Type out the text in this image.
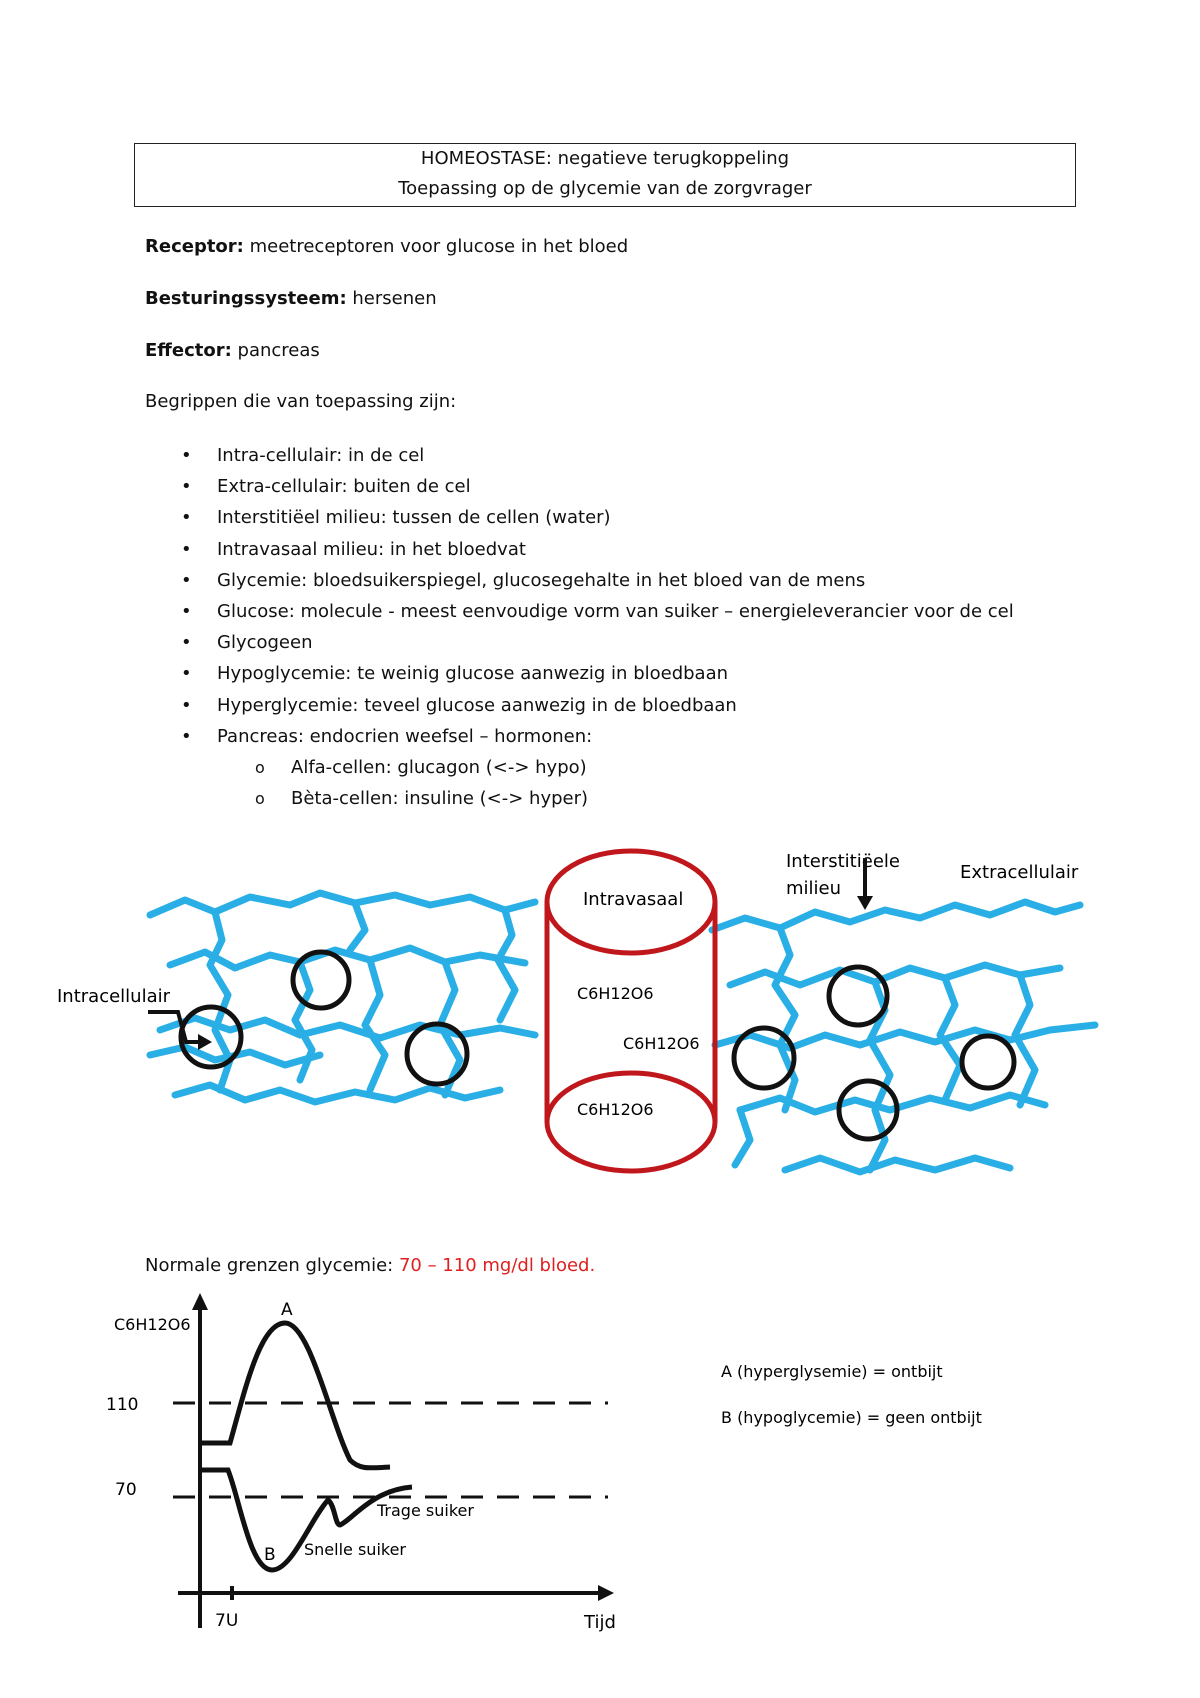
HOMEOSTASE: negatieve terugkoppeling
Toepassing op de glycemie van de zorgvrager
Receptor: meetreceptoren voor glucose in het bloed
Besturingssysteem: hersenen
Effector: pancreas
Begrippen die van toepassing zijn:
• Intra-cellulair: in de cel
• Extra-cellulair: buiten de cel
• Interstitiëel milieu: tussen de cellen (water)
• Intravasaal milieu: in het bloedvat
• Glycemie: bloedsuikerspiegel, glucosegehalte in het bloed van de mens
• Glucose: molecule - meest eenvoudige vorm van suiker – energieleverancier voor de cel
• Glycogeen
• Hypoglycemie: te weinig glucose aanwezig in bloedbaan
• Hyperglycemie: teveel glucose aanwezig in de bloedbaan
• Pancreas: endocrien weefsel – hormonen:
o Alfa-cellen: glucagon (<-> hypo)
o Bèta-cellen: insuline (<-> hyper)
Intravasaal
Interstitiëele
milieu
Extracellulair
Intracellulair	C6H12O6
C6H12O6
C6H12O6
Normale grenzen glycemie: 70 – 110 mg/dl bloed.
C6H12O6
Tijd
110
70
7U
A
B
Trage suiker
Snelle suiker
A (hyperglysemie) = ontbijt
B (hypoglycemie) = geen ontbijt
